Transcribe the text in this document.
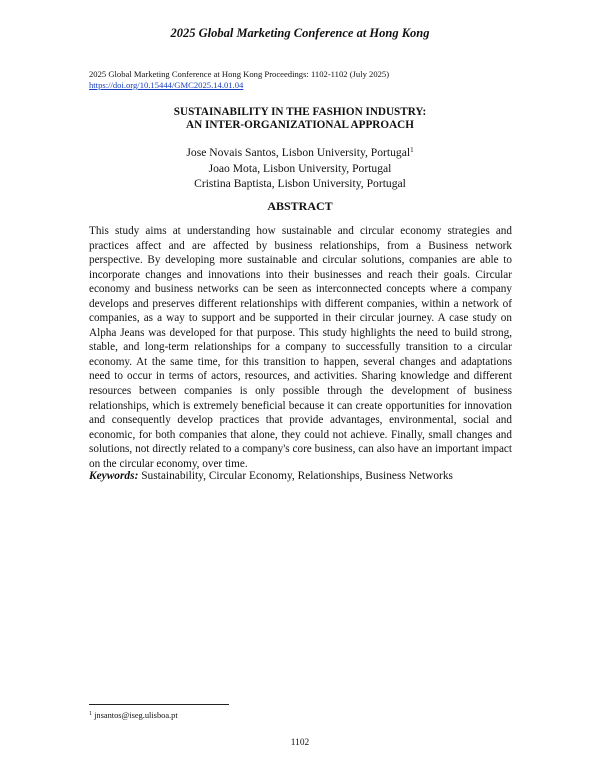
2025 Global Marketing Conference at Hong Kong
2025 Global Marketing Conference at Hong Kong Proceedings: 1102-1102 (July 2025)
https://doi.org/10.15444/GMC2025.14.01.04
SUSTAINABILITY IN THE FASHION INDUSTRY:
AN INTER-ORGANIZATIONAL APPROACH
Jose Novais Santos, Lisbon University, Portugal$^1$
Joao Mota, Lisbon University, Portugal
Cristina Baptista, Lisbon University, Portugal
ABSTRACT

This study aims at understanding how sustainable and circular economy strategies and practices affect and are affected by business relationships, from a Business network perspective. By developing more sustainable and circular solutions, companies are able to incorporate changes and innovations into their businesses and reach their goals. Circular economy and business networks can be seen as interconnected concepts where a company develops and preserves different relationships with different companies, within a network of companies, as a way to support and be supported in their circular journey. A case study on Alpha Jeans was developed for that purpose. This study highlights the need to build strong, stable, and long-term relationships for a company to successfully transition to a circular economy. At the same time, for this transition to happen, several changes and adaptations need to occur in terms of actors, resources, and activities. Sharing knowledge and different resources between companies is only possible through the development of business relationships, which is extremely beneficial because it can create opportunities for innovation and consequently develop practices that provide advantages, environmental, social and economic, for both companies that alone, they could not achieve. Finally, small changes and solutions, not directly related to a company's core business, can also have an important impact on the circular economy, over time.

Keywords: Sustainability, Circular Economy, Relationships, Business Networks
$^1$ jnsantos@iseg.ulisboa.pt
1102
